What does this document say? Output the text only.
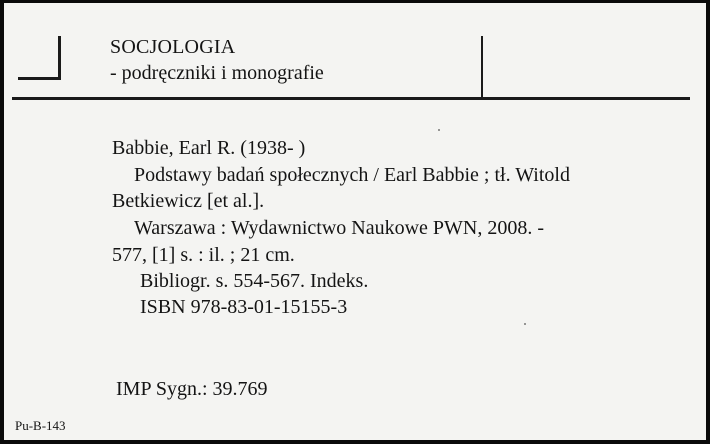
SOCJOLOGIA
- podręczniki i monografie
Babbie, Earl R. (1938- )
Podstawy badań społecznych / Earl Babbie ; tł. Witold
Betkiewicz [et al.].
Warszawa : Wydawnictwo Naukowe PWN, 2008. -
577, [1] s. : il. ; 21 cm.
Bibliogr. s. 554-567. Indeks.
ISBN 978-83-01-15155-3
IMP Sygn.: 39.769
Pu-B-143
